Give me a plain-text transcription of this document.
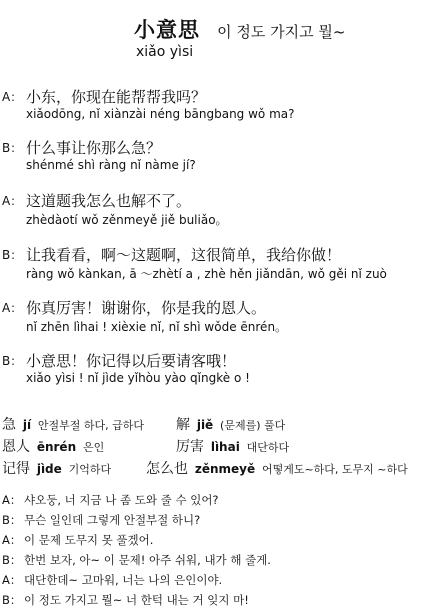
小意思 이 정도 가지고 뭘~
xiǎo yìsi
A： 小东，你现在能帮帮我吗？
xiǎodōng, nǐ xiànzài néng bāngbang wǒ ma?
B： 什么事让你那么急？
shénmé shì ràng nǐ nàme jí?
A： 这道题我怎么也解不了。
zhèdàotí wǒ zěnmeyě jiě buliǎo。
B： 让我看看，啊～这题啊，这很简单，我给你做！
ràng wǒ kànkan, ā ～zhètí a , zhè hěn jiǎndān, wǒ gěi nǐ zuò
A： 你真厉害！谢谢你，你是我的恩人。
nǐ zhēn lìhai ! xièxie nǐ, nǐ shì wǒde ēnrén。
B： 小意思！你记得以后要请客哦！
xiǎo yìsi ! nǐ jìde yǐhòu yào qǐngkè o !
急 jí 안절부절 하다, 급하다 解 jiě (문제를) 풀다
恩人 ēnrén 은인	厉害 lìhai 대단하다
记得 jìde 기억하다 怎么也 zěnmeyě 어떻게도~하다, 도무지 ~하다
A： 샤오둥, 너 지금 나 좀 도와 줄 수 있어?
B： 무슨 일인데 그렇게 안절부절 하니?
A： 이 문제 도무지 못 풀겠어.
B： 한번 보자, 아~ 이 문제! 아주 쉬워, 내가 해 줄게.
A： 대단한데~ 고마워, 너는 나의 은인이야.
B： 이 정도 가지고 뭘~ 너 한턱 내는 거 잊지 마!
